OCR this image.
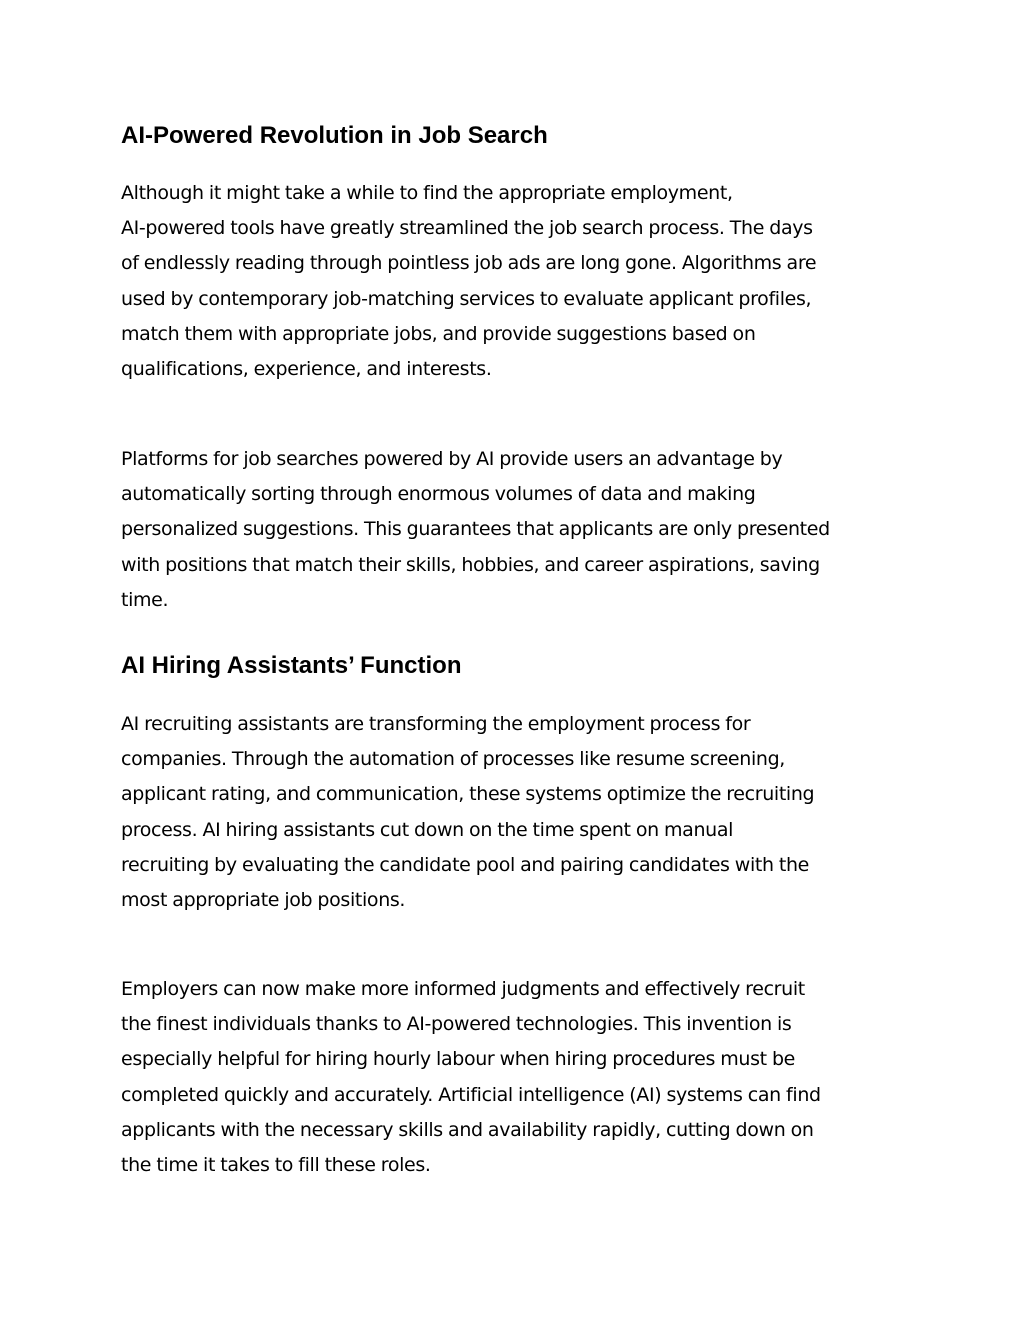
AI-Powered Revolution in Job Search

Although it might take a while to find the appropriate employment,
AI-powered tools have greatly streamlined the job search process. The days
of endlessly reading through pointless job ads are long gone. Algorithms are
used by contemporary job-matching services to evaluate applicant profiles,
match them with appropriate jobs, and provide suggestions based on
qualifications, experience, and interests.

Platforms for job searches powered by AI provide users an advantage by
automatically sorting through enormous volumes of data and making
personalized suggestions. This guarantees that applicants are only presented
with positions that match their skills, hobbies, and career aspirations, saving
time.

AI Hiring Assistants’ Function

AI recruiting assistants are transforming the employment process for
companies. Through the automation of processes like resume screening,
applicant rating, and communication, these systems optimize the recruiting
process. AI hiring assistants cut down on the time spent on manual
recruiting by evaluating the candidate pool and pairing candidates with the
most appropriate job positions.

Employers can now make more informed judgments and effectively recruit
the finest individuals thanks to AI-powered technologies. This invention is
especially helpful for hiring hourly labour when hiring procedures must be
completed quickly and accurately. Artificial intelligence (AI) systems can find
applicants with the necessary skills and availability rapidly, cutting down on
the time it takes to fill these roles.
